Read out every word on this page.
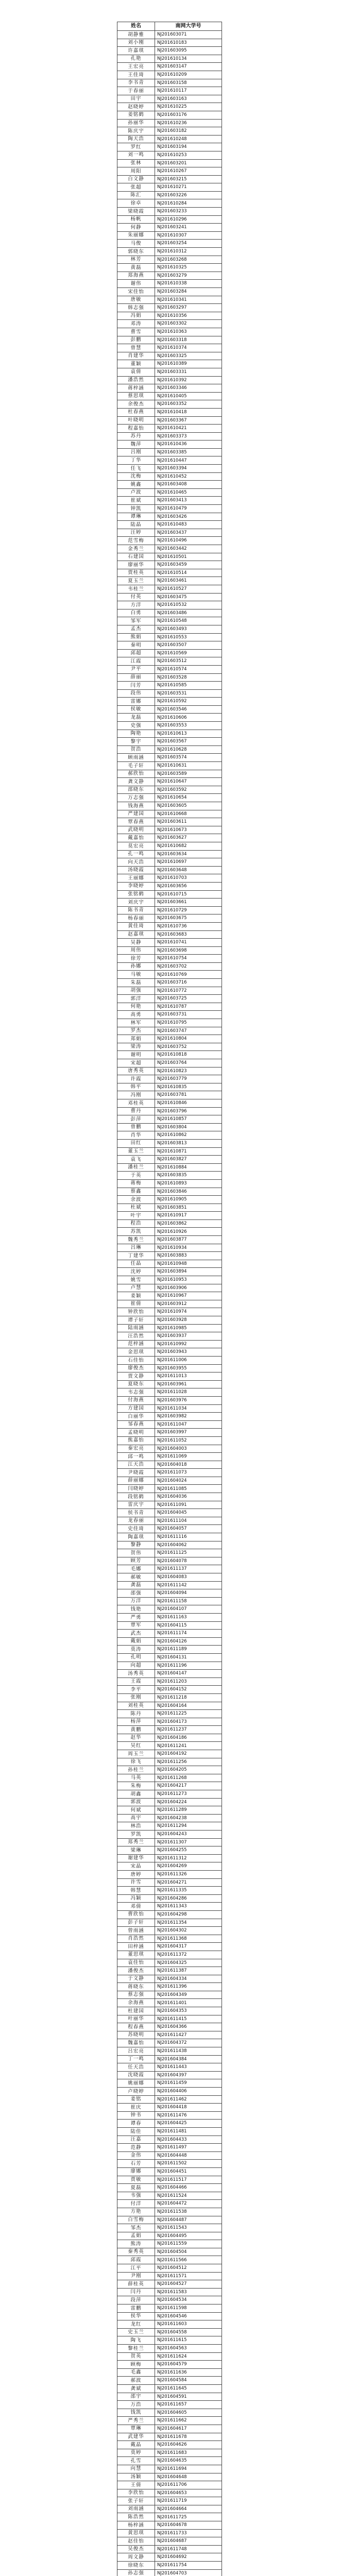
姓名	南网大学号
胡静雅	NJ201603071
刘小刚	NJ201610183
许嘉琪	NJ201603095
孔艳	NJ201610134
王宏亮	NJ201603147
王佳琦	NJ201610209
李书青	NJ201603158
于春丽	NJ201610117
田宇	NJ201603163
赵晓婷	NJ201610225
姜铭鹤	NJ201603176
孙丽华	NJ201610236
陈庆宇	NJ201603182
陶天浩	NJ201610248
罗红	NJ201603194
刘一鸣	NJ201610253
张林	NJ201603201
周阳	NJ201610267
白文静	NJ201603215
张超	NJ201610271
陈汇	NJ201603226
徐卓	NJ201610284
梁晓霞	NJ201603233
杨帆	NJ201610296
何静	NJ201603241
朱丽娜	NJ201610307
马俊	NJ201603254
郭晓东	NJ201610312
林芳	NJ201603268
黄磊	NJ201610325
郑海燕	NJ201603279
谢伟	NJ201610338
宋佳怡	NJ201603284
唐敏	NJ201610341
韩志强	NJ201603297
冯娟	NJ201610356
邓涛	NJ201603302
曹雪	NJ201610363
彭鹏	NJ201603318
曾慧	NJ201610374
肖建华	NJ201603325
董颖	NJ201610389
袁倩	NJ201603331
潘浩然	NJ201610392
蒋梓涵	NJ201603346
蔡思琪	NJ201610405
余俊杰	NJ201603352
杜春燕	NJ201610418
叶晓明	NJ201603367
程嘉怡	NJ201610421
苏丹	NJ201603373
魏萍	NJ201610436
吕刚	NJ201603385
丁华	NJ201610447
任飞	NJ201603394
沈梅	NJ201610452
姚鑫	NJ201603408
卢波	NJ201610465
崔斌	NJ201603413
钟凯	NJ201610479
谭琳	NJ201603426
陆晶	NJ201610483
汪婷	NJ201603437
范雪梅	NJ201610496
金秀兰	NJ201603442
石建国	NJ201610501
廖丽华	NJ201603459
贾桂英	NJ201610514
夏玉兰	NJ201603461
韦桂兰	NJ201610527
付英	NJ201603475
方洋	NJ201610532
白勇	NJ201603486
邹军	NJ201610548
孟杰	NJ201603493
熊娟	NJ201610553
秦明	NJ201603507
邱超	NJ201610569
江霞	NJ201603512
尹平	NJ201610574
薛丽	NJ201603528
闫芳	NJ201610585
段伟	NJ201603531
雷娜	NJ201610592
侯敏	NJ201603546
龙磊	NJ201610606
史强	NJ201603553
陶艳	NJ201610613
黎宇	NJ201603567
贺浩	NJ201610628
顾雨涵	NJ201603574
毛子轩	NJ201610631
郝欣怡	NJ201603589
龚文静	NJ201610647
邵晓东	NJ201603592
万志强	NJ201610654
钱海燕	NJ201603605
严建国	NJ201610668
覃春燕	NJ201603611
武晓明	NJ201610673
戴嘉怡	NJ201603627
莫宏亮	NJ201610682
孔一鸣	NJ201603634
向天浩	NJ201610697
汤晓霞	NJ201603648
王丽娜	NJ201610703
李晓婷	NJ201603656
张铭鹤	NJ201610715
刘庆宇	NJ201603661
陈书青	NJ201610729
杨春丽	NJ201603675
黄佳琦	NJ201610736
赵嘉琪	NJ201603683
吴静	NJ201610741
周伟	NJ201603698
徐芳	NJ201610754
孙娜	NJ201603702
马敏	NJ201610769
朱磊	NJ201603716
胡强	NJ201610772
郭洋	NJ201603725
何艳	NJ201610787
高勇	NJ201603731
林军	NJ201610795
罗杰	NJ201603747
郑娟	NJ201610804
梁涛	NJ201603752
谢明	NJ201610818
宋超	NJ201603764
唐秀英	NJ201610823
许霞	NJ201603779
韩平	NJ201610835
冯刚	NJ201603781
邓桂英	NJ201610846
曹丹	NJ201603796
彭萍	NJ201610857
曾鹏	NJ201603804
肖华	NJ201610862
田红	NJ201603813
董玉兰	NJ201610871
袁飞	NJ201603827
潘桂兰	NJ201610884
于英	NJ201603835
蒋梅	NJ201610893
蔡鑫	NJ201603846
余波	NJ201610905
杜斌	NJ201603851
叶宇	NJ201610917
程浩	NJ201603862
苏凯	NJ201610926
魏秀兰	NJ201603877
吕琳	NJ201610934
丁建华	NJ201603883
任晶	NJ201610948
沈婷	NJ201603894
姚雪	NJ201610953
卢慧	NJ201603906
姜颖	NJ201610967
崔倩	NJ201603912
钟欣怡	NJ201610974
谭子轩	NJ201603928
陆雨涵	NJ201610985
汪浩然	NJ201603937
范梓涵	NJ201610992
金思琪	NJ201603943
石佳怡	NJ201611006
廖俊杰	NJ201603955
贾文静	NJ201611013
夏晓东	NJ201603961
韦志强	NJ201611028
付海燕	NJ201603976
方建国	NJ201611034
白丽华	NJ201603982
邹春燕	NJ201611047
孟晓明	NJ201603997
熊嘉怡	NJ201611052
秦宏亮	NJ201604003
邱一鸣	NJ201611069
江天浩	NJ201604018
尹晓霞	NJ201611073
薛丽娜	NJ201604024
闫晓婷	NJ201611085
段铭鹤	NJ201604036
雷庆宇	NJ201611091
侯书青	NJ201604045
龙春丽	NJ201611104
史佳琦	NJ201604057
陶嘉琪	NJ201611116
黎静	NJ201604062
贺伟	NJ201611125
顾芳	NJ201604078
毛娜	NJ201611137
郝敏	NJ201604083
龚磊	NJ201611142
邵强	NJ201604094
万洋	NJ201611158
钱艳	NJ201604107
严勇	NJ201611163
覃军	NJ201604115
武杰	NJ201611174
戴娟	NJ201604126
莫涛	NJ201611189
孔明	NJ201604131
向超	NJ201611196
汤秀英	NJ201604147
王霞	NJ201611203
李平	NJ201604152
张刚	NJ201611218
刘桂英	NJ201604164
陈丹	NJ201611225
杨萍	NJ201604173
黄鹏	NJ201611237
赵华	NJ201604186
吴红	NJ201611241
周玉兰	NJ201604192
徐飞	NJ201611256
孙桂兰	NJ201604205
马英	NJ201611268
朱梅	NJ201604217
胡鑫	NJ201611273
郭波	NJ201604224
何斌	NJ201611289
高宇	NJ201604238
林浩	NJ201611294
罗凯	NJ201604243
郑秀兰	NJ201611307
梁琳	NJ201604255
谢建华	NJ201611312
宋晶	NJ201604269
唐婷	NJ201611326
许雪	NJ201604271
韩慧	NJ201611335
冯颖	NJ201604286
邓倩	NJ201611343
曹欣怡	NJ201604298
彭子轩	NJ201611354
曾雨涵	NJ201604302
肖浩然	NJ201611368
田梓涵	NJ201604317
董思琪	NJ201611372
袁佳怡	NJ201604325
潘俊杰	NJ201611387
于文静	NJ201604334
蒋晓东	NJ201611396
蔡志强	NJ201604349
余海燕	NJ201611401
杜建国	NJ201604353
叶丽华	NJ201611415
程春燕	NJ201604366
苏晓明	NJ201611427
魏嘉怡	NJ201604372
吕宏亮	NJ201611438
丁一鸣	NJ201604384
任天浩	NJ201611443
沈晓霞	NJ201604397
姚丽娜	NJ201611459
卢晓婷	NJ201604406
姜铭	NJ201611462
崔庆	NJ201604418
钟书	NJ201611476
谭春	NJ201604425
陆佳	NJ201611481
汪嘉	NJ201604433
范静	NJ201611497
金伟	NJ201604448
石芳	NJ201611502
廖娜	NJ201604451
贾敏	NJ201611517
夏磊	NJ201604466
韦强	NJ201611524
付洋	NJ201604472
方艳	NJ201611538
白雪梅	NJ201604487
邹杰	NJ201611543
孟娟	NJ201604495
熊涛	NJ201611559
秦秀英	NJ201604504
邱霞	NJ201611566
江平	NJ201604512
尹刚	NJ201611571
薛桂英	NJ201604527
闫丹	NJ201611583
段萍	NJ201604534
雷鹏	NJ201611598
侯华	NJ201604546
龙红	NJ201611603
史玉兰	NJ201604558
陶飞	NJ201611615
黎桂兰	NJ201604563
贺英	NJ201611624
顾梅	NJ201604579
毛鑫	NJ201611636
郝波	NJ201604584
龚斌	NJ201611645
邵宇	NJ201604591
万浩	NJ201611657
钱凯	NJ201604605
严秀兰	NJ201611662
覃琳	NJ201604617
武建华	NJ201611678
戴晶	NJ201604626
莫婷	NJ201611683
孔雪	NJ201604635
向慧	NJ201611694
汤颖	NJ201604648
王倩	NJ201611706
李欣怡	NJ201604653
张子轩	NJ201611719
刘雨涵	NJ201604664
陈浩然	NJ201611725
杨梓涵	NJ201604678
黄思琪	NJ201611733
赵佳怡	NJ201604687
吴俊杰	NJ201611748
周文静	NJ201604692
徐晓东	NJ201611754
孙志强	NJ201604703
